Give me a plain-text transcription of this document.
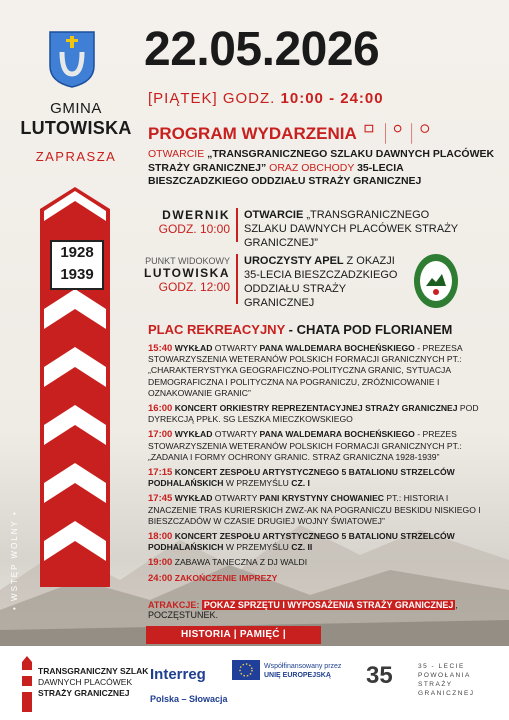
GMINA
LUTOWISKA
ZAPRASZA
1928
1939
• WSTĘP WOLNY •
22.05.2026
[PIĄTEK] GODZ. 10:00 - 24:00
PROGRAM WYDARZENIA
OTWARCIE „TRANSGRANICZNEGO SZLAKU DAWNYCH PLACÓWEK STRAŻY GRANICZNEJ” ORAZ OBCHODY 35-LECIA BIESZCZADZKIEGO ODDZIAŁU STRAŻY GRANICZNEJ
DWERNIK
GODZ. 10:00
OTWARCIE „TRANSGRANICZNEGO SZLAKU DAWNYCH PLACÓWEK STRAŻY GRANICZNEJ”
PUNKT WIDOKOWY
LUTOWISKA
GODZ. 12:00
UROCZYSTY APEL Z OKAZJI 35-LECIA BIESZCZADZKIEGO ODDZIAŁU STRAŻY GRANICZNEJ
PLAC REKREACYJNY - CHATA POD FLORIANEM
15:40 WYKŁAD OTWARTY PANA WALDEMARA BOCHEŃSKIEGO - PREZESA STOWARZYSZENIA WETERANÓW POLSKICH FORMACJI GRANICZNYCH PT.: „CHARAKTERYSTYKA GEOGRAFICZNO-POLITYCZNA GRANIC, SYTUACJA DEMOGRAFICZNA I POLITYCZNA NA POGRANICZU, ZRÓŻNICOWANIE I OZNAKOWANIE GRANIC”
16:00 KONCERT ORKIESTRY REPREZENTACYJNEJ STRAŻY GRANICZNEJ POD DYREKCJĄ PPŁK. SG LESZKA MIECZKOWSKIEGO
17:00 WYKŁAD OTWARTY PANA WALDEMARA BOCHEŃSKIEGO - PREZES STOWARZYSZENIA WETERANÓW POLSKICH FORMACJI GRANICZNYCH PT.: „ZADANIA I FORMY OCHRONY GRANIC. STRAŻ GRANICZNA 1928-1939”
17:15 KONCERT ZESPOŁU ARTYSTYCZNEGO 5 BATALIONU STRZELCÓW PODHALAŃSKICH W PRZEMYŚLU CZ. I
17:45 WYKŁAD OTWARTY PANI KRYSTYNY CHOWANIEC PT.: HISTORIA I ZNACZENIE TRAS KURIERSKICH ZWZ-AK NA POGRANICZU BESKIDU NISKIEGO I BIESZCZADÓW W CZASIE DRUGIEJ WOJNY ŚWIATOWEJ”
18:00 KONCERT ZESPOŁU ARTYSTYCZNEGO 5 BATALIONU STRZELCÓW PODHALAŃSKICH W PRZEMYŚLU CZ. II
19:00 ZABAWA TANECZNA Z DJ WALDI
24:00 ZAKOŃCZENIE IMPREZY
ATRAKCJE: POKAZ SPRZĘTU I WYPOSAŻENIA STRAŻY GRANICZNEJ , POCZĘSTUNEK.
HISTORIA | PAMIĘĆ |
TRANSGRANICZNY SZLAK
DAWNYCH PLACÓWEK
STRAŻY GRANICZNEJ
Interreg
Polska – Słowacja
Współfinansowany przez
UNIĘ EUROPEJSKĄ	35	35 - LECIE POWOŁANIA STRAŻY GRANICZNEJ
